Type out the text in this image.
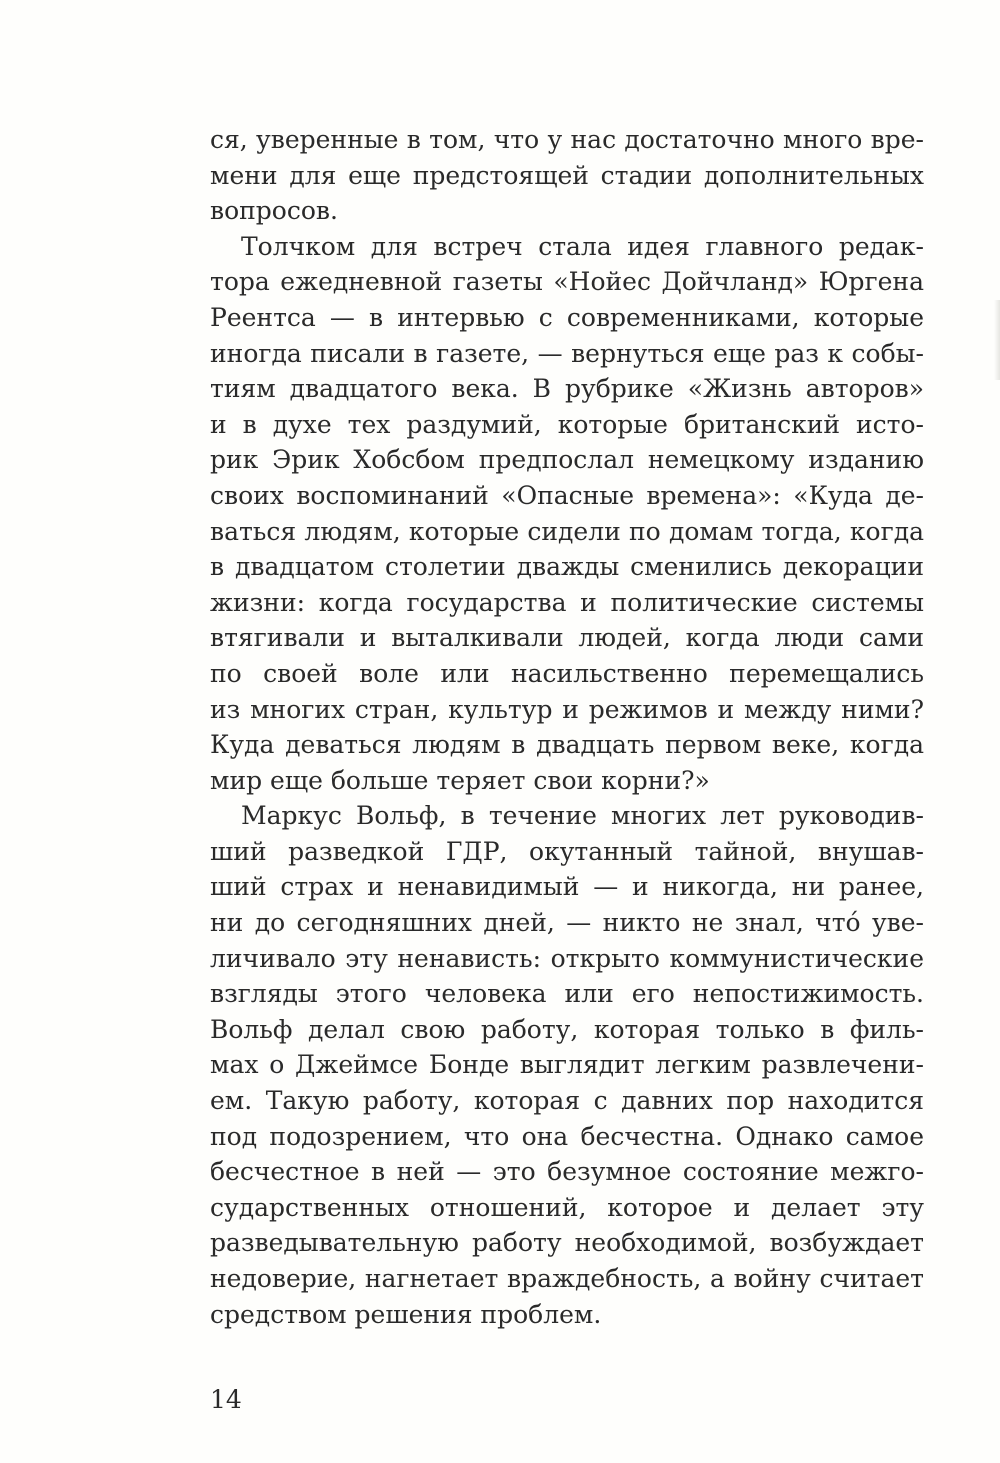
ся, уверенные в том, что у нас достаточно много вре-
мени для еще предстоящей стадии дополнительных
вопросов.
Толчком для встреч стала идея главного редак-
тора ежедневной газеты «Нойес Дойчланд» Юргена
Реентса — в интервью с современниками, которые
иногда писали в газете, — вернуться еще раз к собы-
тиям двадцатого века. В рубрике «Жизнь авторов»
и в духе тех раздумий, которые британский исто-
рик Эрик Хобсбом предпослал немецкому изданию
своих воспоминаний «Опасные времена»: «Куда де-
ваться людям, которые сидели по домам тогда, когда
в двадцатом столетии дважды сменились декорации
жизни: когда государства и политические системы
втягивали и выталкивали людей, когда люди сами
по своей воле или насильственно перемещались
из многих стран, культур и режимов и между ними?
Куда деваться людям в двадцать первом веке, когда
мир еще больше теряет свои корни?»
Маркус Вольф, в течение многих лет руководив-
ший разведкой ГДР, окутанный тайной, внушав-
ший страх и ненавидимый — и никогда, ни ранее,
ни до сегодняшних дней, — никто не знал, чтó уве-
личивало эту ненависть: открыто коммунистические
взгляды этого человека или его непостижимость.
Вольф делал свою работу, которая только в филь-
мах о Джеймсе Бонде выглядит легким развлечени-
ем. Такую работу, которая с давних пор находится
под подозрением, что она бесчестна. Однако самое
бесчестное в ней — это безумное состояние межго-
сударственных отношений, которое и делает эту
разведывательную работу необходимой, возбуждает
недоверие, нагнетает враждебность, а войну считает
средством решения проблем.
14
